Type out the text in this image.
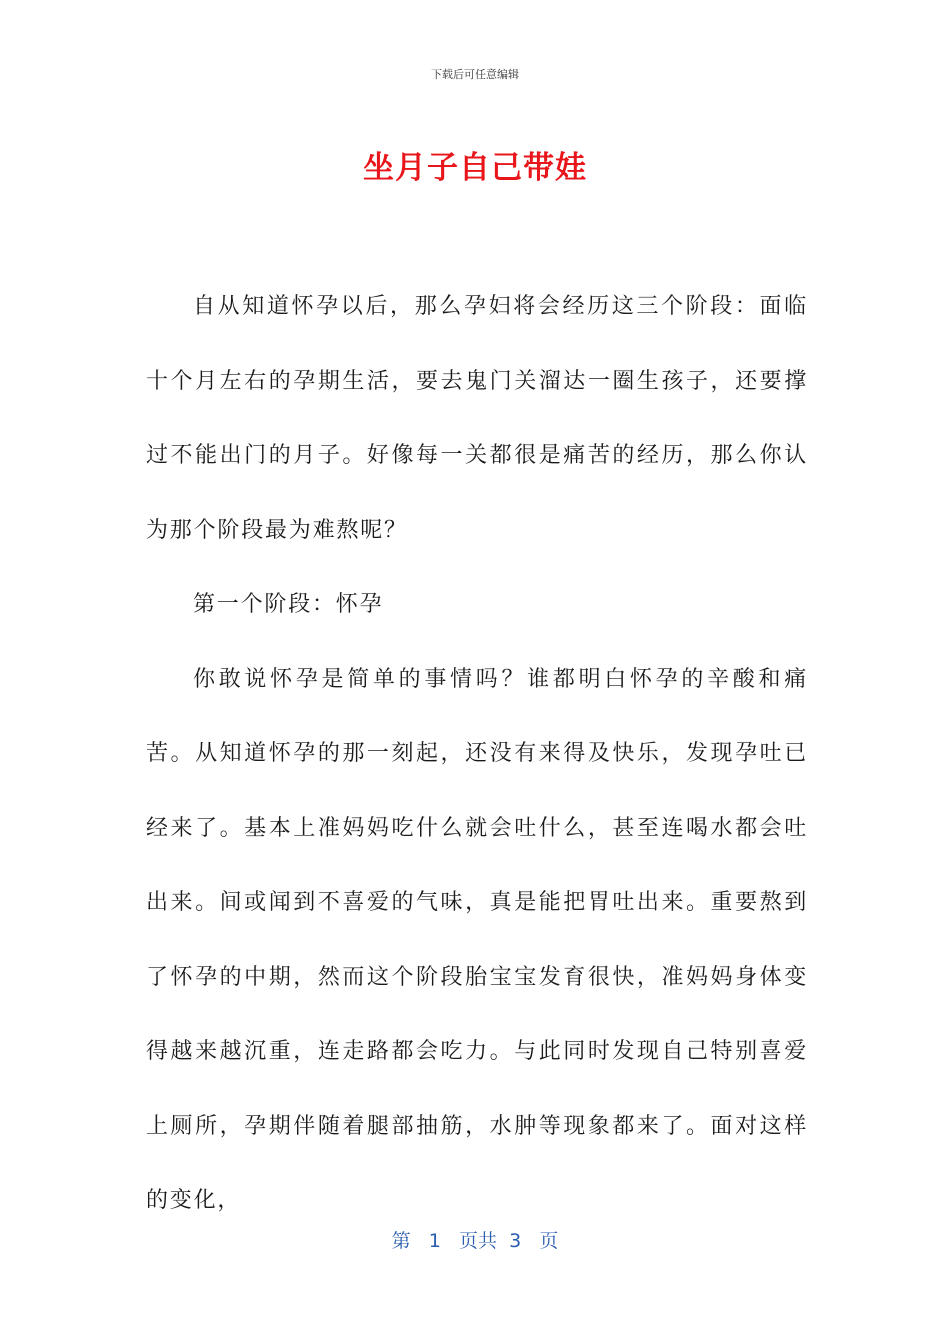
下载后可任意编辑
坐月子自己带娃

自从知道怀孕以后，那么孕妇将会经历这三个阶段：面临十个月左右的孕期生活，要去鬼门关溜达一圈生孩子，还要撑过不能出门的月子。好像每一关都很是痛苦的经历，那么你认为那个阶段最为难熬呢？

第一个阶段：怀孕

你敢说怀孕是简单的事情吗？谁都明白怀孕的辛酸和痛苦。从知道怀孕的那一刻起，还没有来得及快乐，发现孕吐已经来了。基本上准妈妈吃什么就会吐什么，甚至连喝水都会吐出来。间或闻到不喜爱的气味，真是能把胃吐出来。重要熬到了怀孕的中期，然而这个阶段胎宝宝发育很快，准妈妈身体变得越来越沉重，连走路都会吃力。与此同时发现自己特别喜爱上厕所，孕期伴随着腿部抽筋，水肿等现象都来了。面对这样的变化，

第 1 页共 3 页
